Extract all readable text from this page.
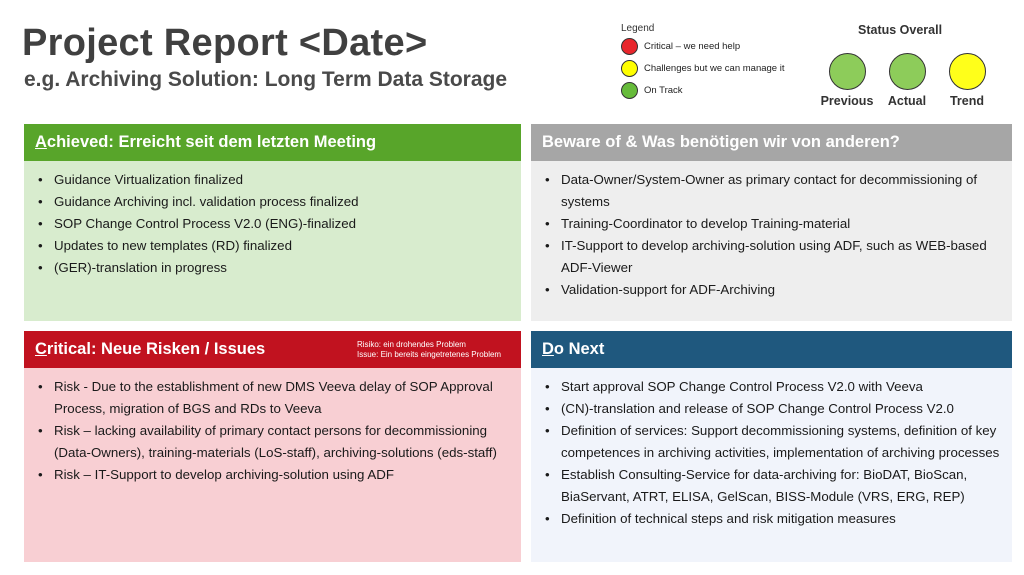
Project Report <Date>
e.g. Archiving Solution: Long Term Data Storage
Legend
Critical – we need help
Challenges but we can manage it
On Track
Status Overall
Previous	Actual	Trend
A chieved: Erreicht seit dem letzten Meeting
• Guidance Virtualization finalized
• Guidance Archiving incl. validation process finalized
• SOP Change Control Process V2.0 (ENG)-finalized
• Updates to new templates (RD) finalized
• (GER)-translation in progress
Beware of & Was benötigen wir von anderen?
• Data-Owner/System-Owner as primary contact for decommissioning of systems
• Training-Coordinator to develop Training-material
• IT-Support to develop archiving-solution using ADF, such as WEB-based ADF-Viewer
• Validation-support for ADF-Archiving
C ritical: Neue Risken / Issues	Risiko: ein drohendes Problem
Issue: Ein bereits eingetretenes Problem
• Risk - Due to the establishment of new DMS Veeva delay of SOP Approval Process, migration of BGS and RDs to Veeva
• Risk – lacking availability of primary contact persons for decommissioning (Data-Owners), training-materials (LoS-staff), archiving-solutions (eds-staff)
• Risk – IT-Support to develop archiving-solution using ADF
D o Next
• Start approval SOP Change Control Process V2.0 with Veeva
• (CN)-translation and release of SOP Change Control Process V2.0
• Definition of services: Support decommissioning systems, definition of key competences in archiving activities, implementation of archiving processes
• Establish Consulting-Service for data-archiving for: BioDAT, BioScan, BiaServant, ATRT, ELISA, GelScan, BISS-Module (VRS, ERG, REP)
• Definition of technical steps and risk mitigation measures
